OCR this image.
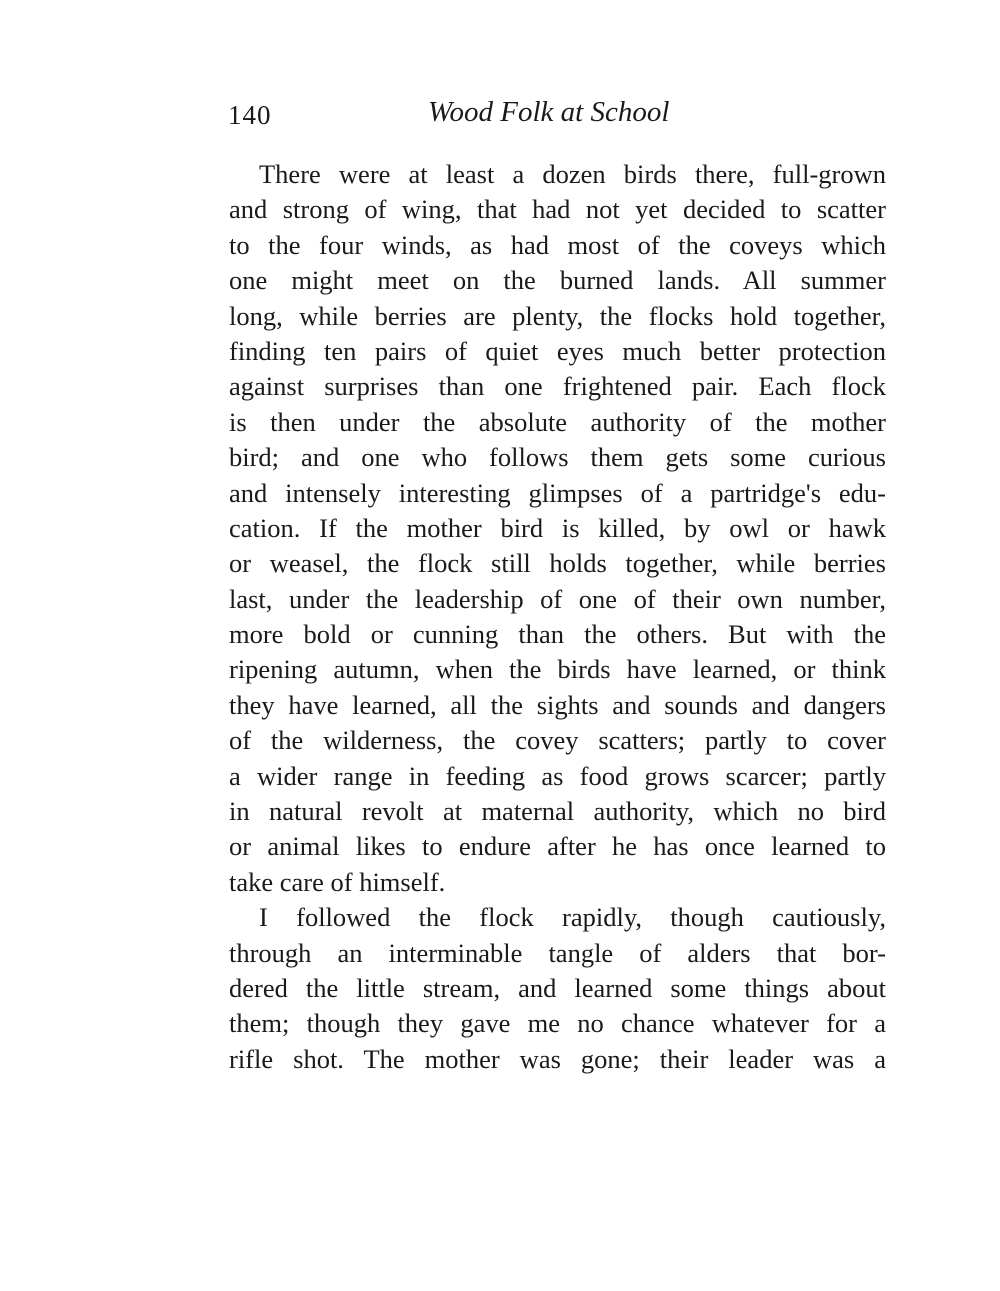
140	Wood Folk at School
There were at least a dozen birds there, full-grown
and strong of wing, that had not yet decided to scatter
to the four winds, as had most of the coveys which
one might meet on the burned lands. All summer
long, while berries are plenty, the flocks hold together,
finding ten pairs of quiet eyes much better protection
against surprises than one frightened pair. Each flock
is then under the absolute authority of the mother
bird; and one who follows them gets some curious
and intensely interesting glimpses of a partridge's edu-
cation. If the mother bird is killed, by owl or hawk
or weasel, the flock still holds together, while berries
last, under the leadership of one of their own number,
more bold or cunning than the others. But with the
ripening autumn, when the birds have learned, or think
they have learned, all the sights and sounds and dangers
of the wilderness, the covey scatters; partly to cover
a wider range in feeding as food grows scarcer; partly
in natural revolt at maternal authority, which no bird
or animal likes to endure after he has once learned to
take care of himself.
I followed the flock rapidly, though cautiously,
through an interminable tangle of alders that bor-
dered the little stream, and learned some things about
them; though they gave me no chance whatever for a
rifle shot. The mother was gone; their leader was a
